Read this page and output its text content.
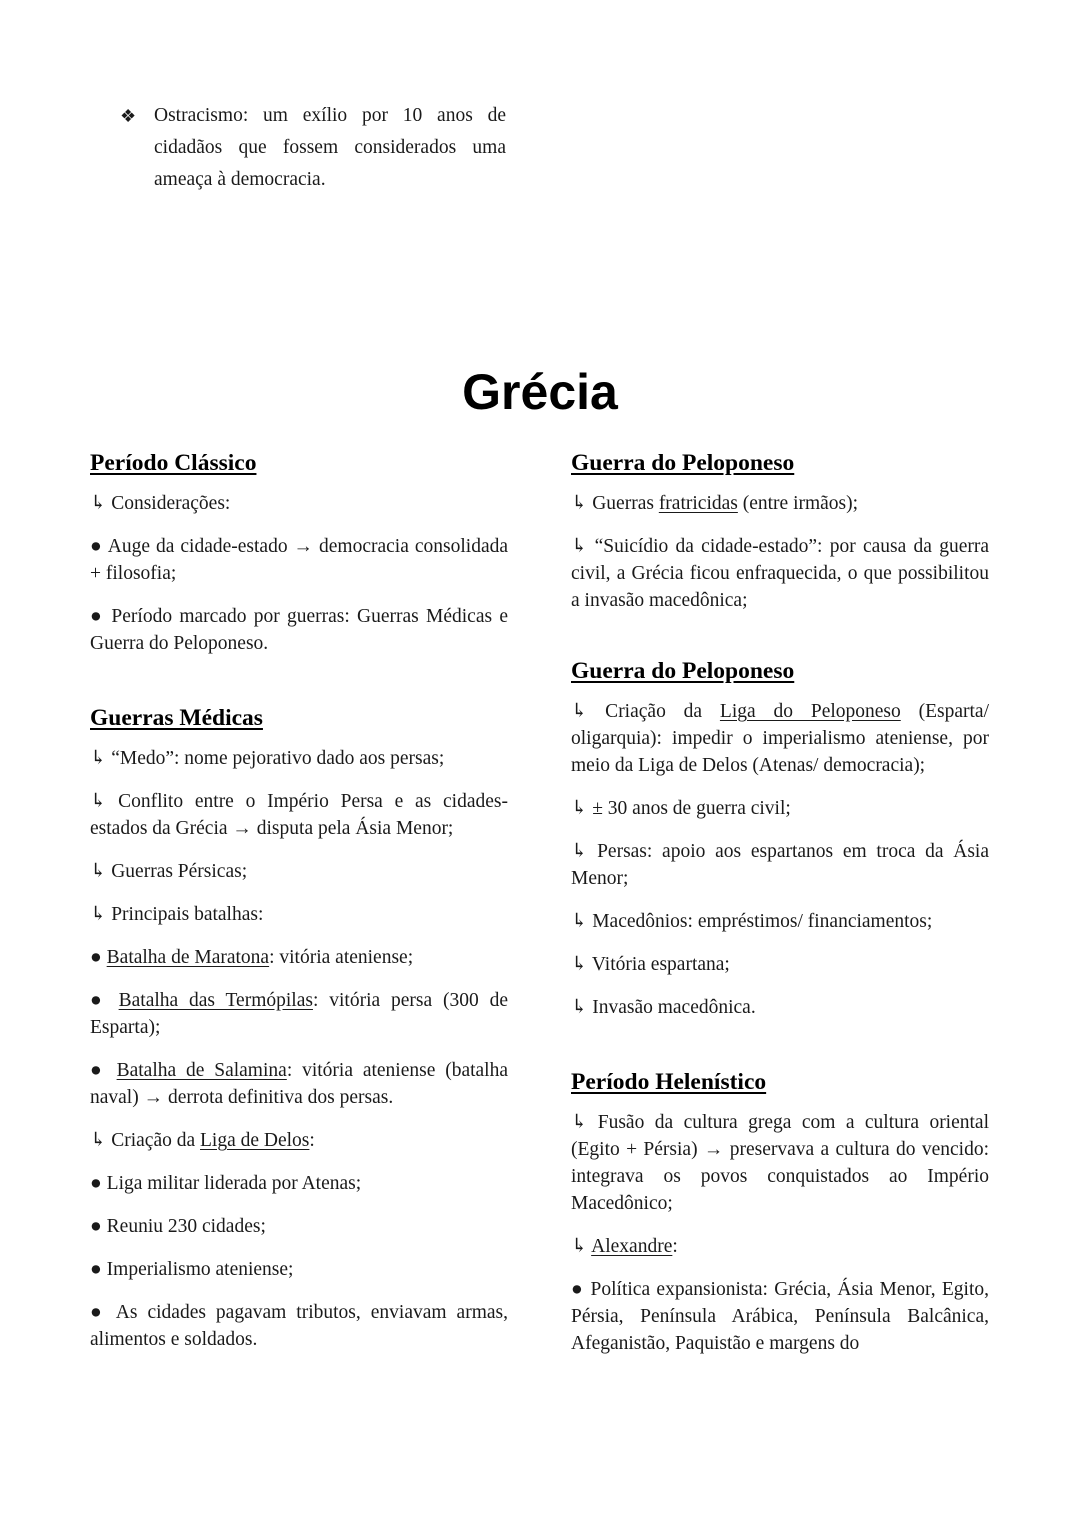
❖ Ostracismo: um exílio por 10 anos de cidadãos que fossem considerados uma ameaça à democracia.
Grécia
Período Clássico

↳ Considerações:

● Auge da cidade-estado → democracia consolidada + filosofia;

● Período marcado por guerras: Guerras Médicas e Guerra do Peloponeso.

Guerras Médicas

↳ “Medo”: nome pejorativo dado aos persas;

↳ Conflito entre o Império Persa e as cidades-estados da Grécia → disputa pela Ásia Menor;

↳ Guerras Pérsicas;

↳ Principais batalhas:

● Batalha de Maratona: vitória ateniense;

● Batalha das Termópilas: vitória persa (300 de Esparta);

● Batalha de Salamina: vitória ateniense (batalha naval) → derrota definitiva dos persas.

↳ Criação da Liga de Delos:

● Liga militar liderada por Atenas;

● Reuniu 230 cidades;

● Imperialismo ateniense;

● As cidades pagavam tributos, enviavam armas, alimentos e soldados.

Guerra do Peloponeso

↳ Guerras fratricidas (entre irmãos);

↳ “Suicídio da cidade-estado”: por causa da guerra civil, a Grécia ficou enfraquecida, o que possibilitou a invasão macedônica;

Guerra do Peloponeso

↳ Criação da Liga do Peloponeso (Esparta/ oligarquia): impedir o imperialismo ateniense, por meio da Liga de Delos (Atenas/ democracia);

↳ ± 30 anos de guerra civil;

↳ Persas: apoio aos espartanos em troca da Ásia Menor;

↳ Macedônios: empréstimos/ financiamentos;

↳ Vitória espartana;

↳ Invasão macedônica.

Período Helenístico

↳ Fusão da cultura grega com a cultura oriental (Egito + Pérsia) → preservava a cultura do vencido: integrava os povos conquistados ao Império Macedônico;

↳ Alexandre:

● Política expansionista: Grécia, Ásia Menor, Egito, Pérsia, Península Arábica, Península Balcânica, Afeganistão, Paquistão e margens do
